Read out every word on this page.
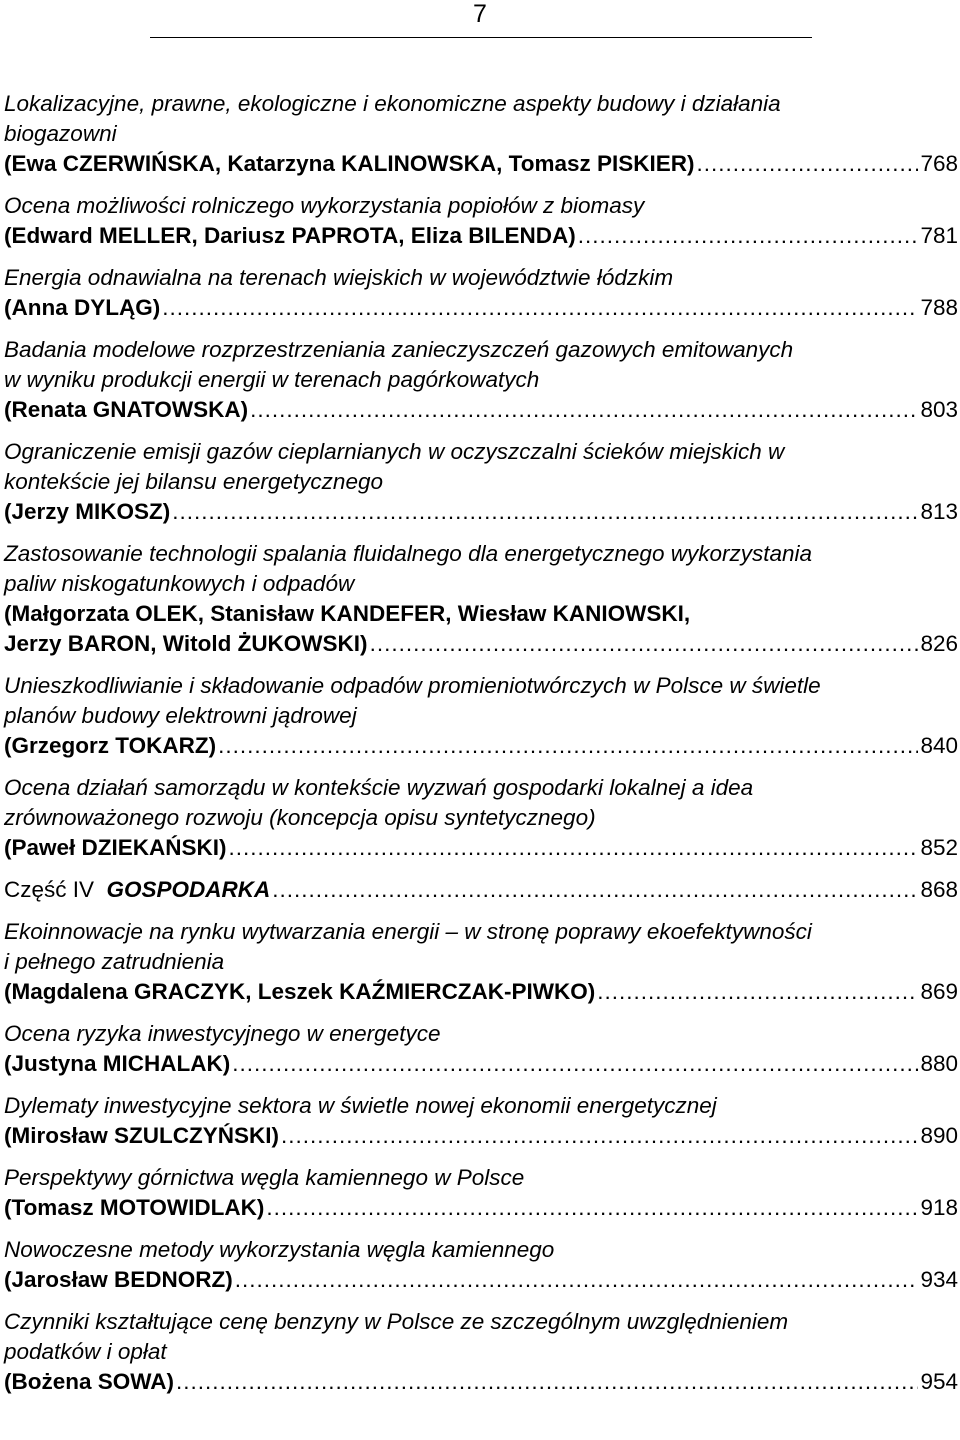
7
Lokalizacyjne, prawne, ekologiczne i ekonomiczne aspekty budowy i działania
biogazowni
(Ewa CZERWIŃSKA, Katarzyna KALINOWSKA, Tomasz PISKIER) .....	768
Ocena możliwości rolniczego wykorzystania popiołów z biomasy
(Edward MELLER, Dariusz PAPROTA, Eliza BILENDA) .....	781
Energia odnawialna na terenach wiejskich w województwie łódzkim
(Anna DYLĄG) .....	788
Badania modelowe rozprzestrzeniania zanieczyszczeń gazowych emitowanych
w wyniku produkcji energii w terenach pagórkowatych
(Renata GNATOWSKA) .....	803
Ograniczenie emisji gazów cieplarnianych w oczyszczalni ścieków miejskich w
kontekście jej bilansu energetycznego
(Jerzy MIKOSZ) .....	813
Zastosowanie technologii spalania fluidalnego dla energetycznego wykorzystania
paliw niskogatunkowych i odpadów
(Małgorzata OLEK, Stanisław KANDEFER, Wiesław KANIOWSKI,
Jerzy BARON, Witold ŻUKOWSKI) .....	826
Unieszkodliwianie i składowanie odpadów promieniotwórczych w Polsce w świetle
planów budowy elektrowni jądrowej
(Grzegorz TOKARZ) .....	840
Ocena działań samorządu w kontekście wyzwań gospodarki lokalnej a idea
zrównoważonego rozwoju (koncepcja opisu syntetycznego)
(Paweł DZIEKAŃSKI) .....	852
Część IV GOSPODARKA .....	868
Ekoinnowacje na rynku wytwarzania energii – w stronę poprawy ekoefektywności
i pełnego zatrudnienia
(Magdalena GRACZYK, Leszek KAŹMIERCZAK-PIWKO) .....	869
Ocena ryzyka inwestycyjnego w energetyce
(Justyna MICHALAK) .....	880
Dylematy inwestycyjne sektora w świetle nowej ekonomii energetycznej
(Mirosław SZULCZYŃSKI) .....	890
Perspektywy górnictwa węgla kamiennego w Polsce
(Tomasz MOTOWIDLAK) .....	918
Nowoczesne metody wykorzystania węgla kamiennego
(Jarosław BEDNORZ) .....	934
Czynniki kształtujące cenę benzyny w Polsce ze szczególnym uwzględnieniem
podatków i opłat
(Bożena SOWA) .....	954
